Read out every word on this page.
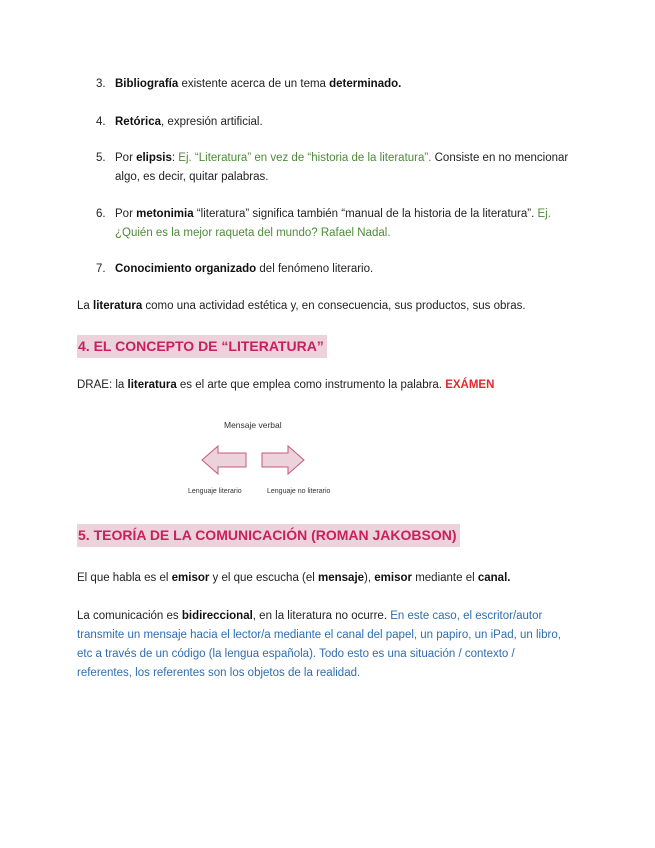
3. Bibliografía existente acerca de un tema determinado.
4. Retórica, expresión artificial.
5. Por elipsis: Ej. “Literatura” en vez de “historia de la literatura”. Consiste en no mencionar algo, es decir, quitar palabras.
6. Por metonimia “literatura” significa también “manual de la historia de la literatura”. Ej. ¿Quién es la mejor raqueta del mundo? Rafael Nadal.
7. Conocimiento organizado del fenómeno literario.
La literatura como una actividad estética y, en consecuencia, sus productos, sus obras.
4. EL CONCEPTO DE “LITERATURA”
DRAE: la literatura es el arte que emplea como instrumento la palabra. EXÁMEN
Mensaje verbal
Lenguaje literario	Lenguaje no literario
5. TEORÍA DE LA COMUNICACIÓN (ROMAN JAKOBSON)
El que habla es el emisor y el que escucha (el mensaje), emisor mediante el canal.
La comunicación es bidireccional, en la literatura no ocurre. En este caso, el escritor/autor transmite un mensaje hacia el lector/a mediante el canal del papel, un papiro, un iPad, un libro, etc a través de un código (la lengua española). Todo esto es una situación / contexto / referentes, los referentes son los objetos de la realidad.
